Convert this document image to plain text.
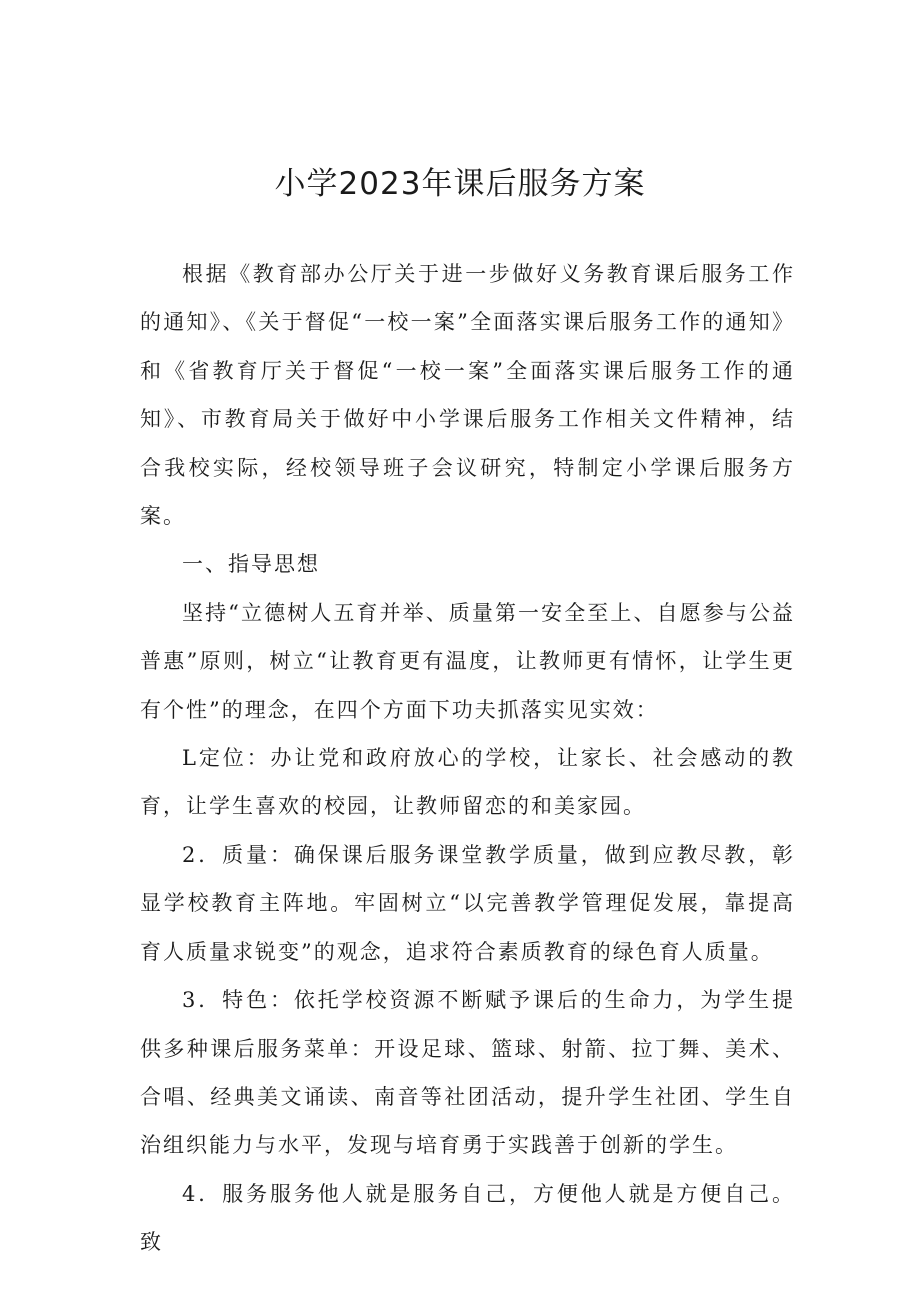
小学2023年课后服务方案

根据《教育部办公厅关于进一步做好义务教育课后服务工作的通知》、《关于督促“一校一案”全面落实课后服务工作的通知》和《省教育厅关于督促“一校一案”全面落实课后服务工作的通知》、市教育局关于做好中小学课后服务工作相关文件精神，结合我校实际，经校领导班子会议研究，特制定小学课后服务方案。

一、指导思想

坚持“立德树人五育并举、质量第一安全至上、自愿参与公益普惠”原则，树立“让教育更有温度，让教师更有情怀，让学生更有个性”的理念，在四个方面下功夫抓落实见实效：

L定位：办让党和政府放心的学校，让家长、社会感动的教育，让学生喜欢的校园，让教师留恋的和美家园。

2．质量：确保课后服务课堂教学质量，做到应教尽教，彰显学校教育主阵地。牢固树立“以完善教学管理促发展，靠提高育人质量求锐变”的观念，追求符合素质教育的绿色育人质量。

3．特色：依托学校资源不断赋予课后的生命力，为学生提供多种课后服务菜单：开设足球、篮球、射箭、拉丁舞、美术、合唱、经典美文诵读、南音等社团活动，提升学生社团、学生自治组织能力与水平，发现与培育勇于实践善于创新的学生。

4．服务服务他人就是服务自己，方便他人就是方便自己。致
